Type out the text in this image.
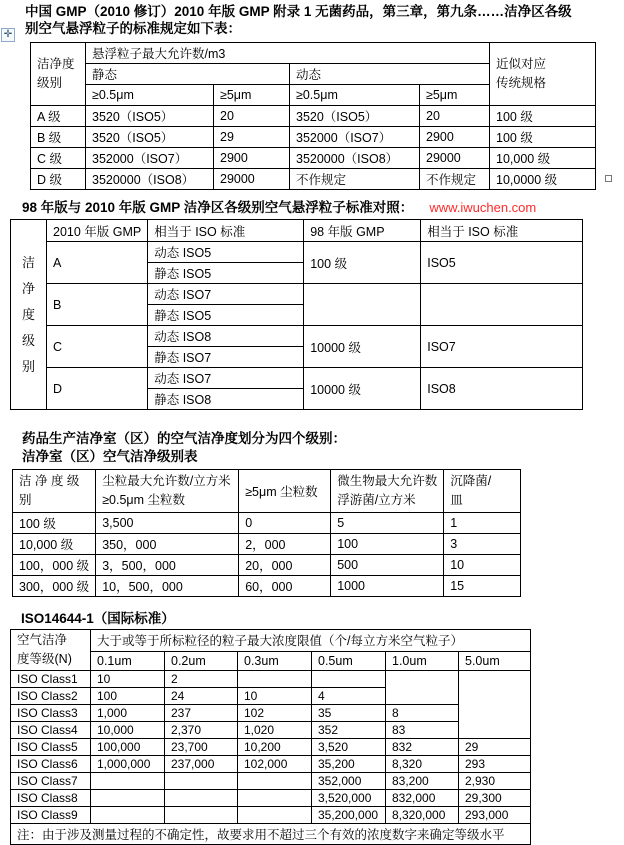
✛
中国 GMP（2010 修订）2010 年版 GMP 附录 1 无菌药品，第三章，第九条……洁净区各级
别空气悬浮粒子的标准规定如下表：
洁净度
级别	悬浮粒子最大允许数/m3				近似对应
传统规格

	静态		动态		
	≥0.5μm	≥5μm	≥0.5μm	≥5μm	
A 级	3520（ISO5）	20	3520（ISO5）	20	100 级
B 级	3520（ISO5）	29	352000（ISO7）	2900	100 级
C 级	352000（ISO7）	2900	3520000（ISO8）	29000	10,000 级
D 级	3520000（ISO8）	29000	不作规定	不作规定	10,0000 级
98 年版与 2010 年版 GMP 洁净区各级别空气悬浮粒子标准对照： www.iwuchen.com
洁净度级别	2010 年版 GMP	相当于 ISO 标准	98 年版 GMP	相当于 ISO 标准
	A	动态 ISO5	100 级	ISO5
		静态 ISO5		
	B	动态 ISO7		
		静态 ISO5		
	C	动态 ISO8	10000 级	ISO7
		静态 ISO7		
	D	动态 ISO7	10000 级	ISO8
		静态 ISO8		
药品生产洁净室（区）的空气洁净度划分为四个级别：
洁净室（区）空气洁净级别表
洁 净 度 级
别	尘粒最大允许数/立方米
≥0.5μm 尘粒数	≥5μm 尘粒数	微生物最大允许数
浮游菌/立方米	沉降菌/
皿

100 级	3,500	0	5	1
10,000 级	350，000	2，000	100	3
100，000 级	3，500，000	20，000	500	10
300，000 级	10，500，000	60，000	1000	15
ISO14644-1（国际标准）
空气洁净
度等级(N)	大于或等于所标粒径的粒子最大浓度限值（个/每立方米空气粒子）					
	0.1um	0.2um	0.3um	0.5um	1.0um	5.0um
ISO Class1	10	2				
ISO Class2	100	24	10	4		
ISO Class3	1,000	237	102	35	8	
ISO Class4	10,000	2,370	1,020	352	83	
ISO Class5	100,000	23,700	10,200	3,520	832	29
ISO Class6	1,000,000	237,000	102,000	35,200	8,320	293
ISO Class7				352,000	83,200	2,930
ISO Class8				3,520,000	832,000	29,300
ISO Class9				35,200,000	8,320,000	293,000
注：由于涉及测量过程的不确定性，故要求用不超过三个有效的浓度数字来确定等级水平						
